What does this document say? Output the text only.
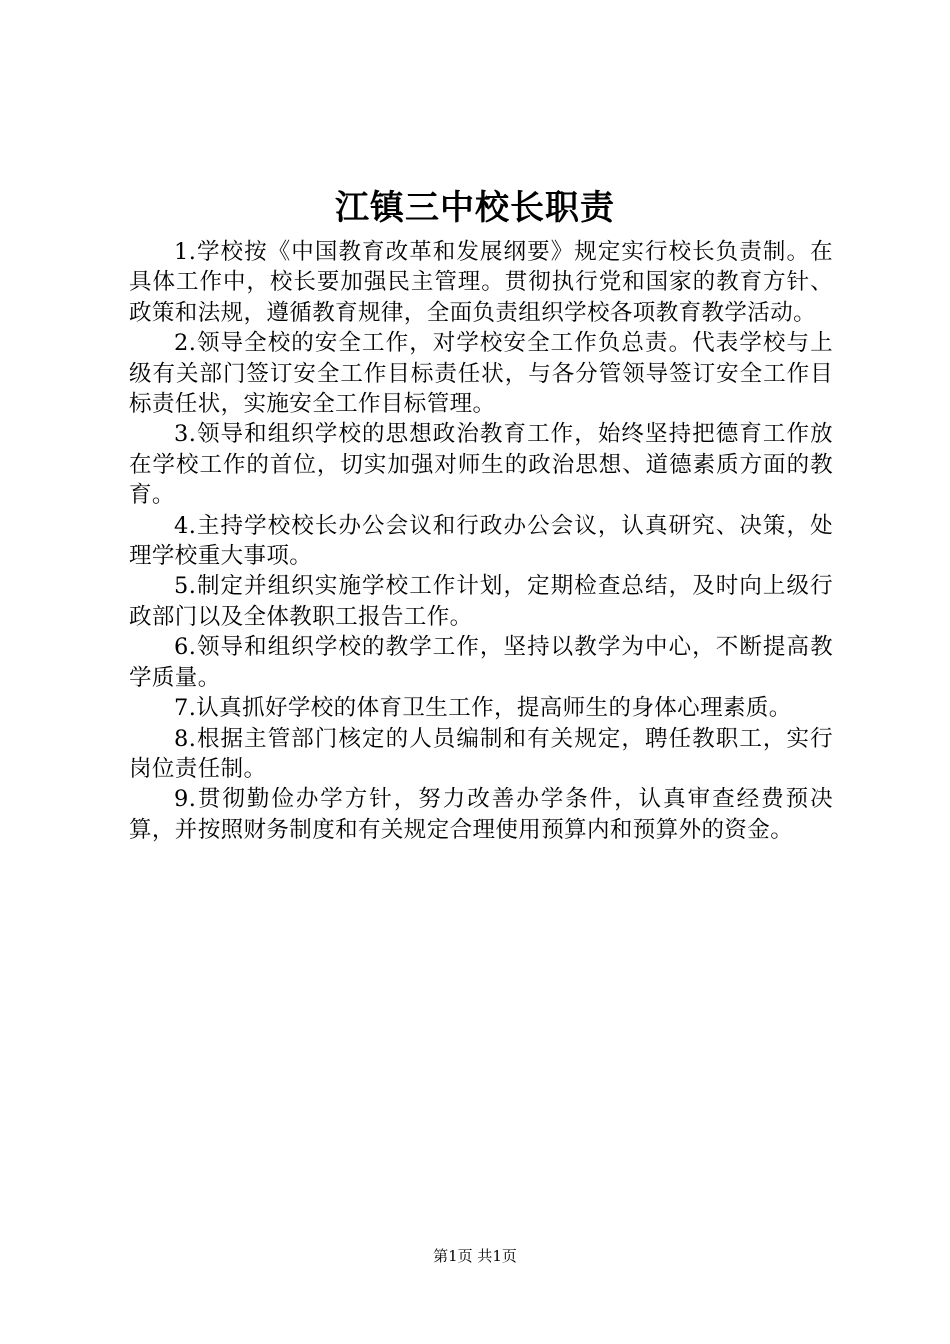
江镇三中校长职责

1.学校按《中国教育改革和发展纲要》规定实行校长负责制。在具体工作中，校长要加强民主管理。贯彻执行党和国家的教育方针、政策和法规，遵循教育规律，全面负责组织学校各项教育教学活动。

2.领导全校的安全工作，对学校安全工作负总责。代表学校与上级有关部门签订安全工作目标责任状，与各分管领导签订安全工作目标责任状，实施安全工作目标管理。

3.领导和组织学校的思想政治教育工作，始终坚持把德育工作放在学校工作的首位，切实加强对师生的政治思想、道德素质方面的教育。

4.主持学校校长办公会议和行政办公会议，认真研究、决策，处理学校重大事项。

5.制定并组织实施学校工作计划，定期检查总结，及时向上级行政部门以及全体教职工报告工作。

6.领导和组织学校的教学工作，坚持以教学为中心，不断提高教学质量。

7.认真抓好学校的体育卫生工作，提高师生的身体心理素质。

8.根据主管部门核定的人员编制和有关规定，聘任教职工，实行岗位责任制。

9.贯彻勤俭办学方针，努力改善办学条件，认真审查经费预决算，并按照财务制度和有关规定合理使用预算内和预算外的资金。

第1页 共1页
